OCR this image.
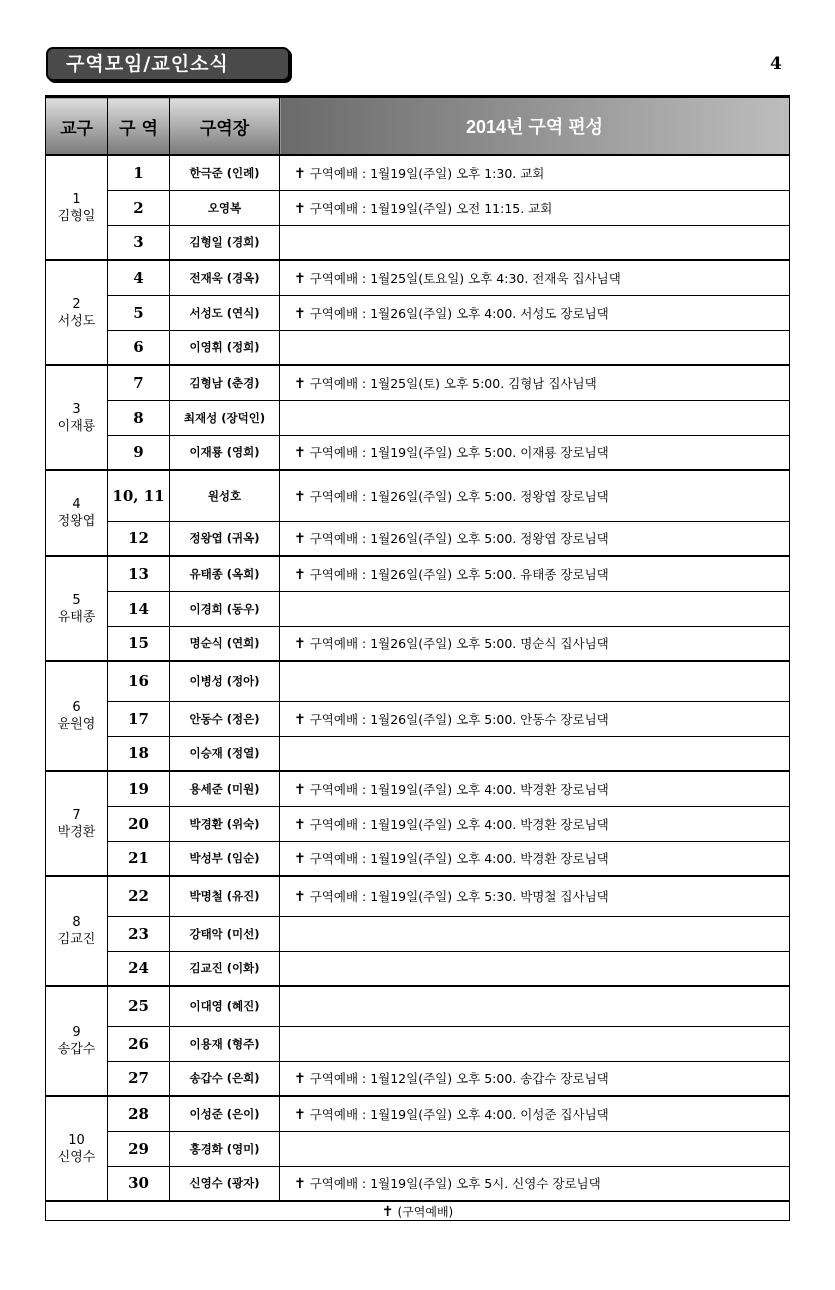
구역모임/교인소식	4
교구	구 역	구역장	2014년 구역 편성

1
김형일	1	한극준 (인례)	✝ 구역예배 : 1월19일(주일) 오후 1:30. 교회
	2	오영복	✝ 구역예배 : 1월19일(주일) 오전 11:15. 교회
	3	김형일 (경희)	

2
서성도	4	전재욱 (경옥)	✝ 구역예배 : 1월25일(토요일) 오후 4:30. 전재욱 집사님댁
	5	서성도 (연식)	✝ 구역예배 : 1월26일(주일) 오후 4:00. 서성도 장로님댁
	6	이영휘 (정희)	

3
이재룡	7	김형남 (춘경)	✝ 구역예배 : 1월25일(토) 오후 5:00. 김형남 집사님댁
	8	최재성 (장덕인)	
	9	이재룡 (영희)	✝ 구역예배 : 1월19일(주일) 오후 5:00. 이재룡 장로님댁

4
정왕엽	10, 11	원성호	✝ 구역예배 : 1월26일(주일) 오후 5:00. 정왕엽 장로님댁
	12	정왕엽 (귀옥)	✝ 구역예배 : 1월26일(주일) 오후 5:00. 정왕엽 장로님댁

5
유태종	13	유태종 (옥희)	✝ 구역예배 : 1월26일(주일) 오후 5:00. 유태종 장로님댁
	14	이경희 (동우)	
	15	명순식 (연희)	✝ 구역예배 : 1월26일(주일) 오후 5:00. 명순식 집사님댁

6
윤원영	16	이병성 (정아)	
	17	안동수 (정은)	✝ 구역예배 : 1월26일(주일) 오후 5:00. 안동수 장로님댁
	18	이승재 (정열)	

7
박경환	19	용세준 (미원)	✝ 구역예배 : 1월19일(주일) 오후 4:00. 박경환 장로님댁
	20	박경환 (위숙)	✝ 구역예배 : 1월19일(주일) 오후 4:00. 박경환 장로님댁
	21	박성부 (임순)	✝ 구역예배 : 1월19일(주일) 오후 4:00. 박경환 장로님댁

8
김교진	22	박명철 (유진)	✝ 구역예배 : 1월19일(주일) 오후 5:30. 박명철 집사님댁
	23	강태악 (미선)	
	24	김교진 (이화)	

9
송갑수	25	이대영 (혜진)	
	26	이용재 (형주)	
	27	송갑수 (은희)	✝ 구역예배 : 1월12일(주일) 오후 5:00. 송갑수 장로님댁

10
신영수	28	이성준 (은이)	✝ 구역예배 : 1월19일(주일) 오후 4:00. 이성준 집사님댁
	29	홍경화 (영미)	
	30	신영수 (광자)	✝ 구역예배 : 1월19일(주일) 오후 5시. 신영수 장로님댁
✝ (구역예배)			
